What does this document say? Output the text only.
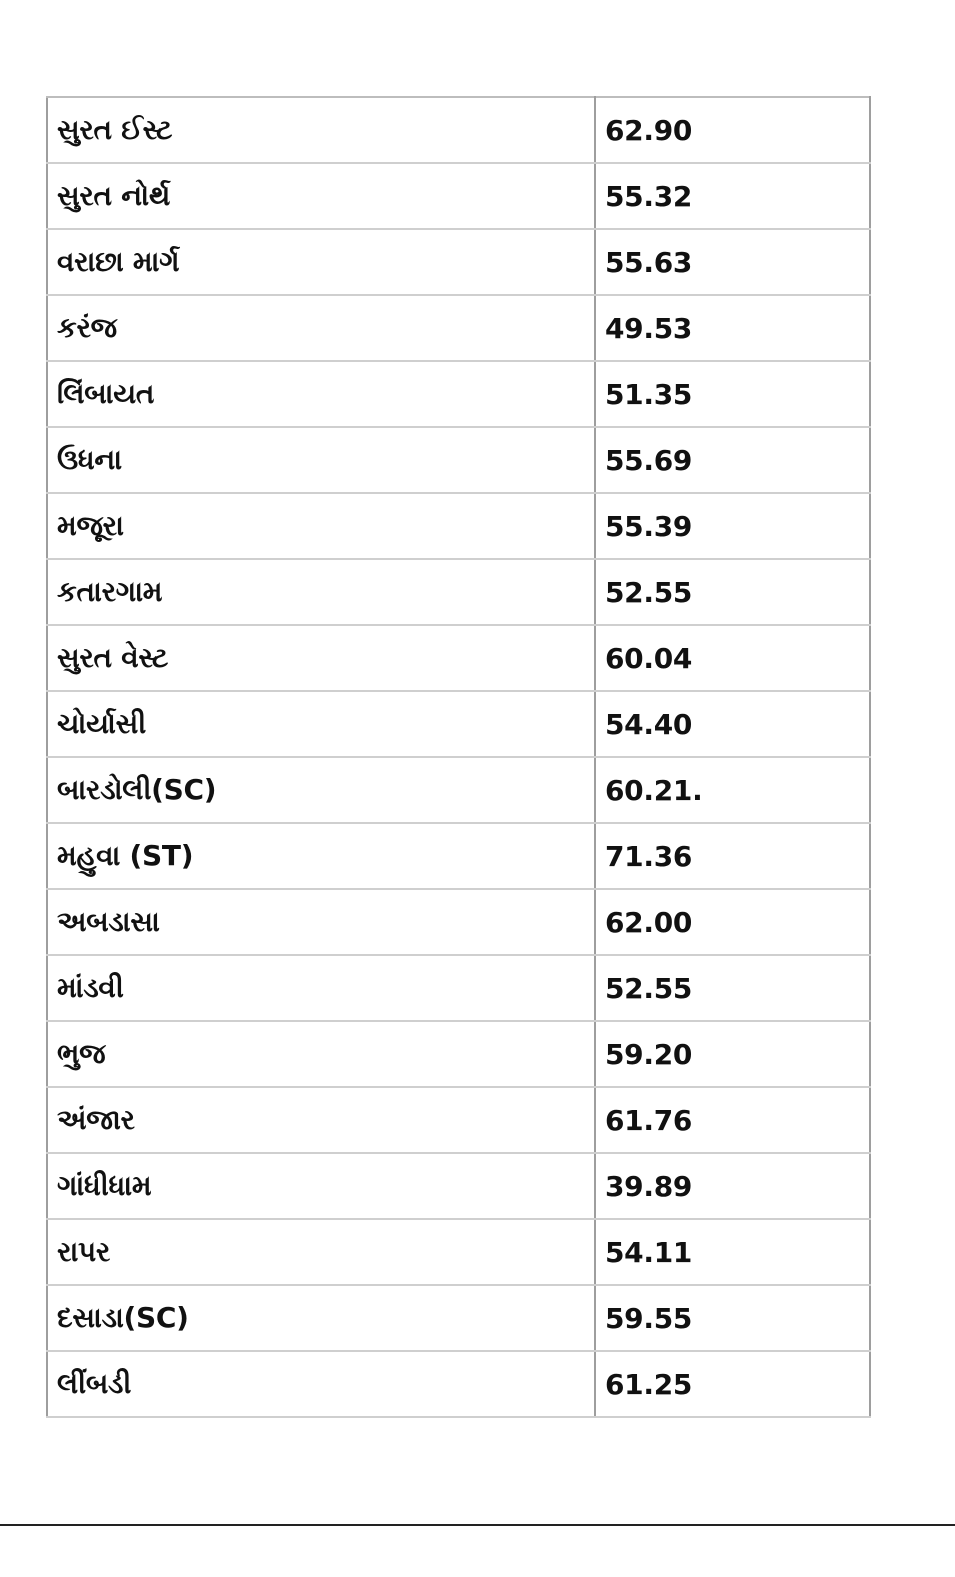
સુરત ઈસ્ટ	62.90
સુરત નોર્થ	55.32
વરાછા માર્ગ	55.63
કરંજ	49.53
લિંબાયત	51.35
ઉધના	55.69
મજૂરા	55.39
કતારગામ	52.55
સુરત વેસ્ટ	60.04
ચોર્યાસી	54.40
બારડોલી(SC)	60.21.
મહુવા (ST)	71.36
અબડાસા	62.00
માંડવી	52.55
ભુજ	59.20
અંજાર	61.76
ગાંધીધામ	39.89
રાપર	54.11
દસાડા(SC)	59.55
લીંબડી	61.25
